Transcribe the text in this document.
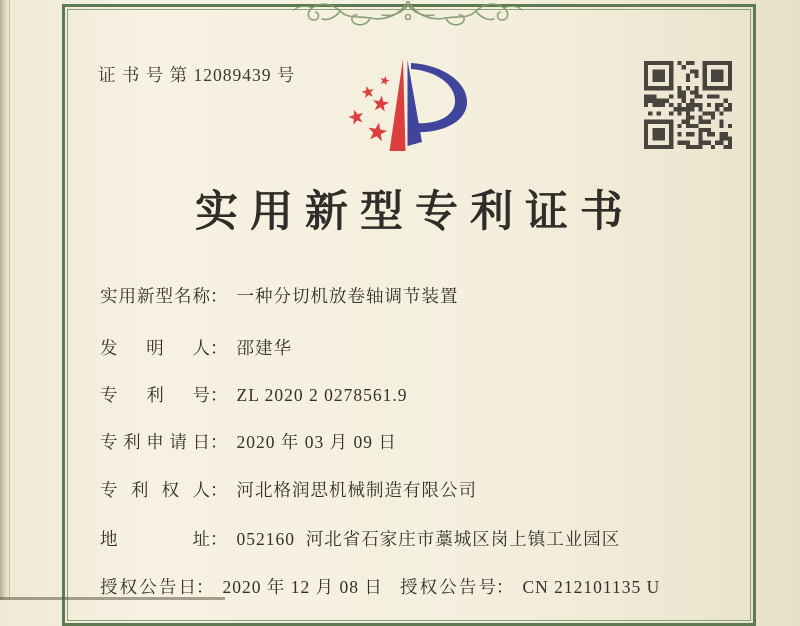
证 书 号 第 12089439 号
实用新型专利证书
实用新型名称： 一种分切机放卷轴调节装置
发明人： 邵建华
专利号： ZL 2020 2 0278561.9
专利申请日： 2020 年 03 月 09 日
专利权人： 河北格润思机械制造有限公司
地址： 052160  河北省石家庄市藁城区岗上镇工业园区
授权公告日： 2020 年 12 月 08 日 授权公告号： CN 212101135 U
